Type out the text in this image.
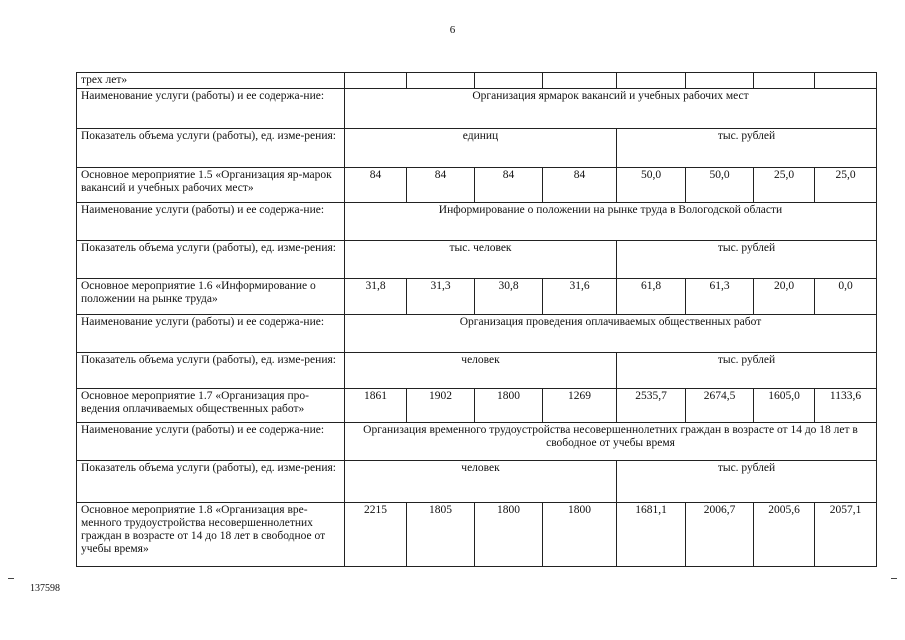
6
трех лет»								
Наименование услуги (работы) и ее содержа-ние:	Организация ярмарок вакансий и учебных рабочих мест							
Показатель объема услуги (работы), ед. изме-рения:	единиц				тыс. рублей			
Основное мероприятие 1.5 «Организация яр-марок вакансий и учебных рабочих мест»	84	84	84	84	50,0	50,0	25,0	25,0
Наименование услуги (работы) и ее содержа-ние:	Информирование о положении на рынке труда в Вологодской области							
Показатель объема услуги (работы), ед. изме-рения:	тыс. человек				тыс. рублей			
Основное мероприятие 1.6 «Информирование о положении на рынке труда»	31,8	31,3	30,8	31,6	61,8	61,3	20,0	0,0
Наименование услуги (работы) и ее содержа-ние:	Организация проведения оплачиваемых общественных работ							
Показатель объема услуги (работы), ед. изме-рения:	человек				тыс. рублей			
Основное мероприятие 1.7 «Организация про-ведения оплачиваемых общественных работ»	1861	1902	1800	1269	2535,7	2674,5	1605,0	1133,6
Наименование услуги (работы) и ее содержа-ние:	Организация временного трудоустройства несовершеннолетних граждан в возрасте от 14 до 18 лет в свободное от учебы время							
Показатель объема услуги (работы), ед. изме-рения:	человек				тыс. рублей			
Основное мероприятие 1.8 «Организация вре-менного трудоустройства несовершеннолетних граждан в возрасте от 14 до 18 лет в свободное от учебы время»	2215	1805	1800	1800	1681,1	2006,7	2005,6	2057,1
137598
